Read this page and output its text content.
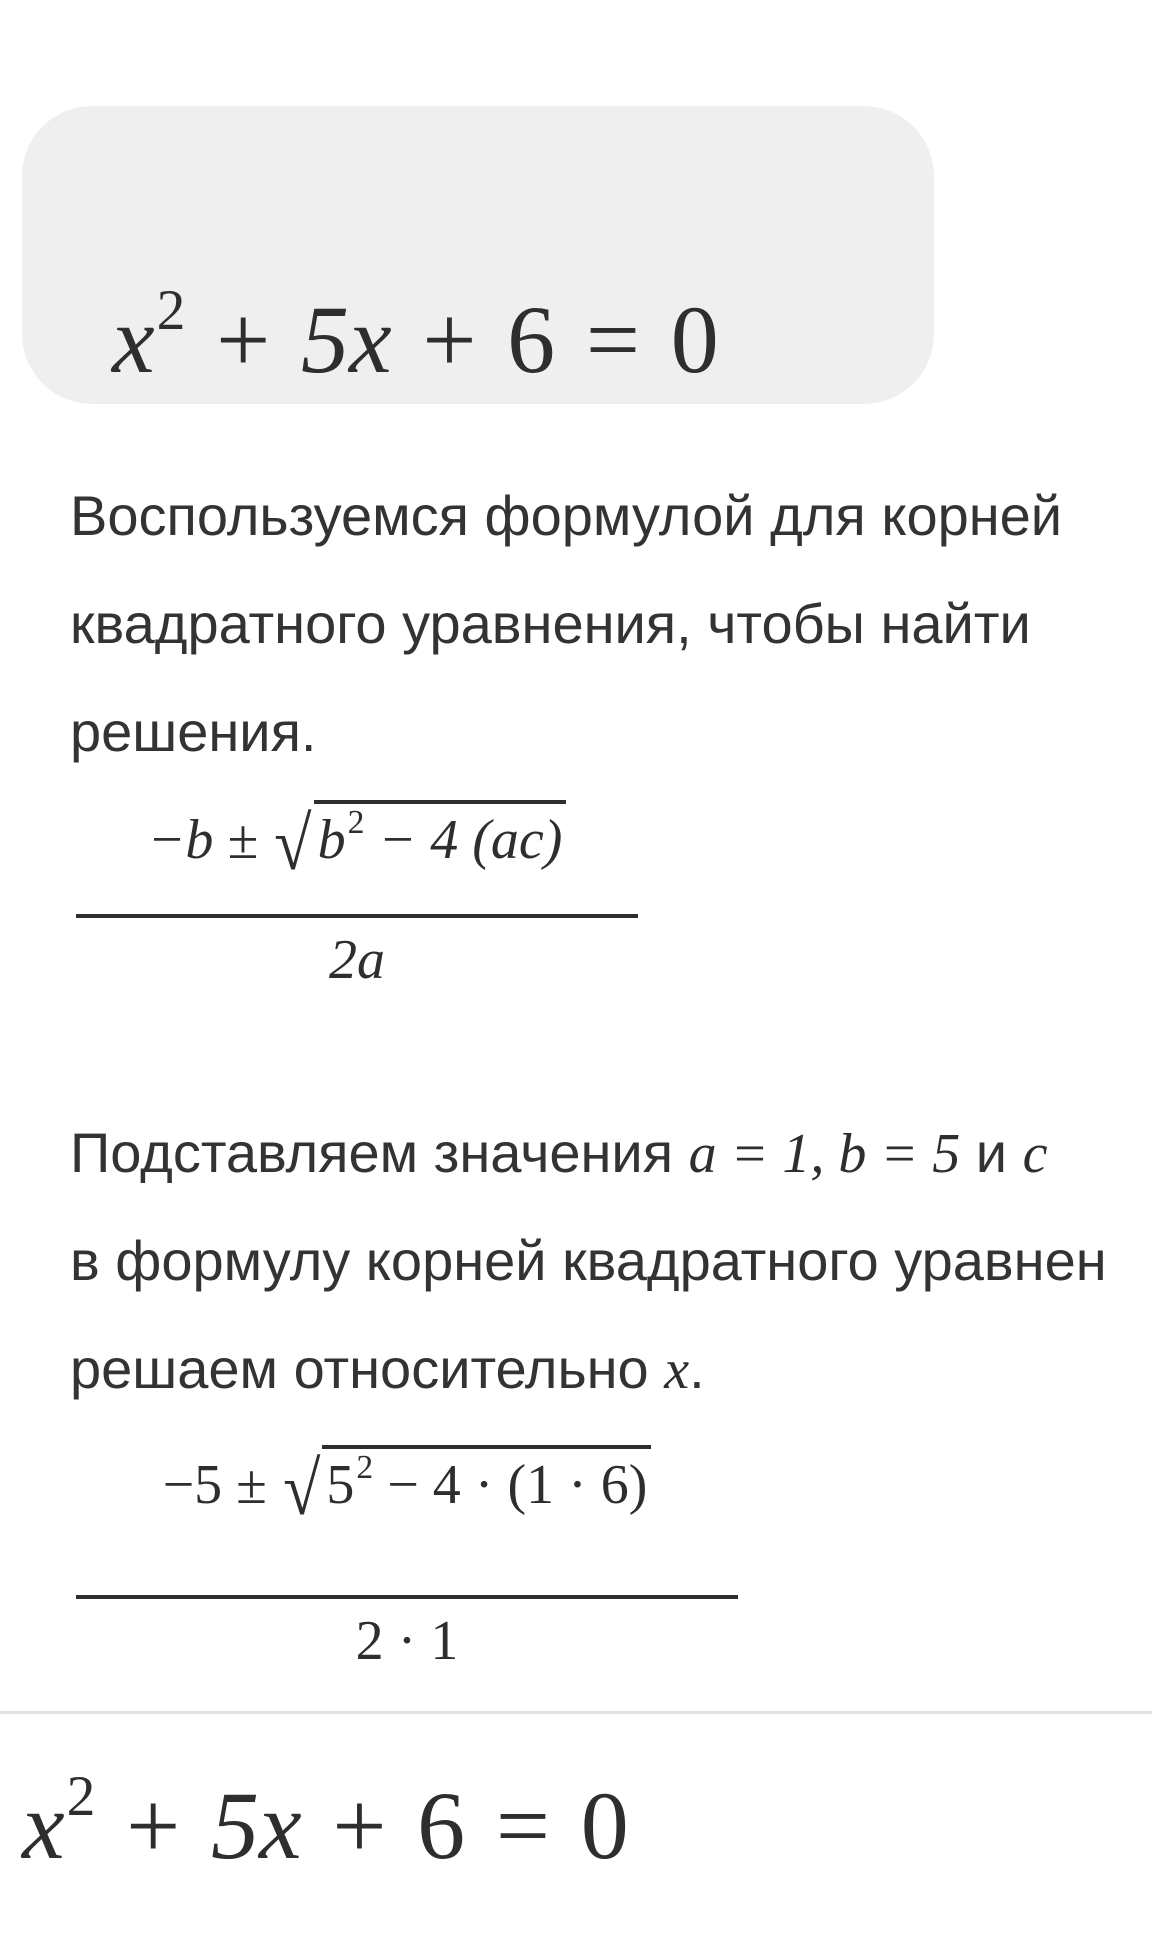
$x^2 + 5x + 6 = 0$
Воспользуемся формулой для корней
квадратного уравнения, чтобы найти
решения.
−b ± √ $b^2 - 4$ (ac)
2a
Подставляем значения a = 1, b = 5 и c
в формулу корней квадратного уравнен
решаем относительно x.
−5 ± √ $5^2 - 4 \cdot (1 \cdot 6)$
2 · 1
$x^2 + 5x + 6 = 0$
